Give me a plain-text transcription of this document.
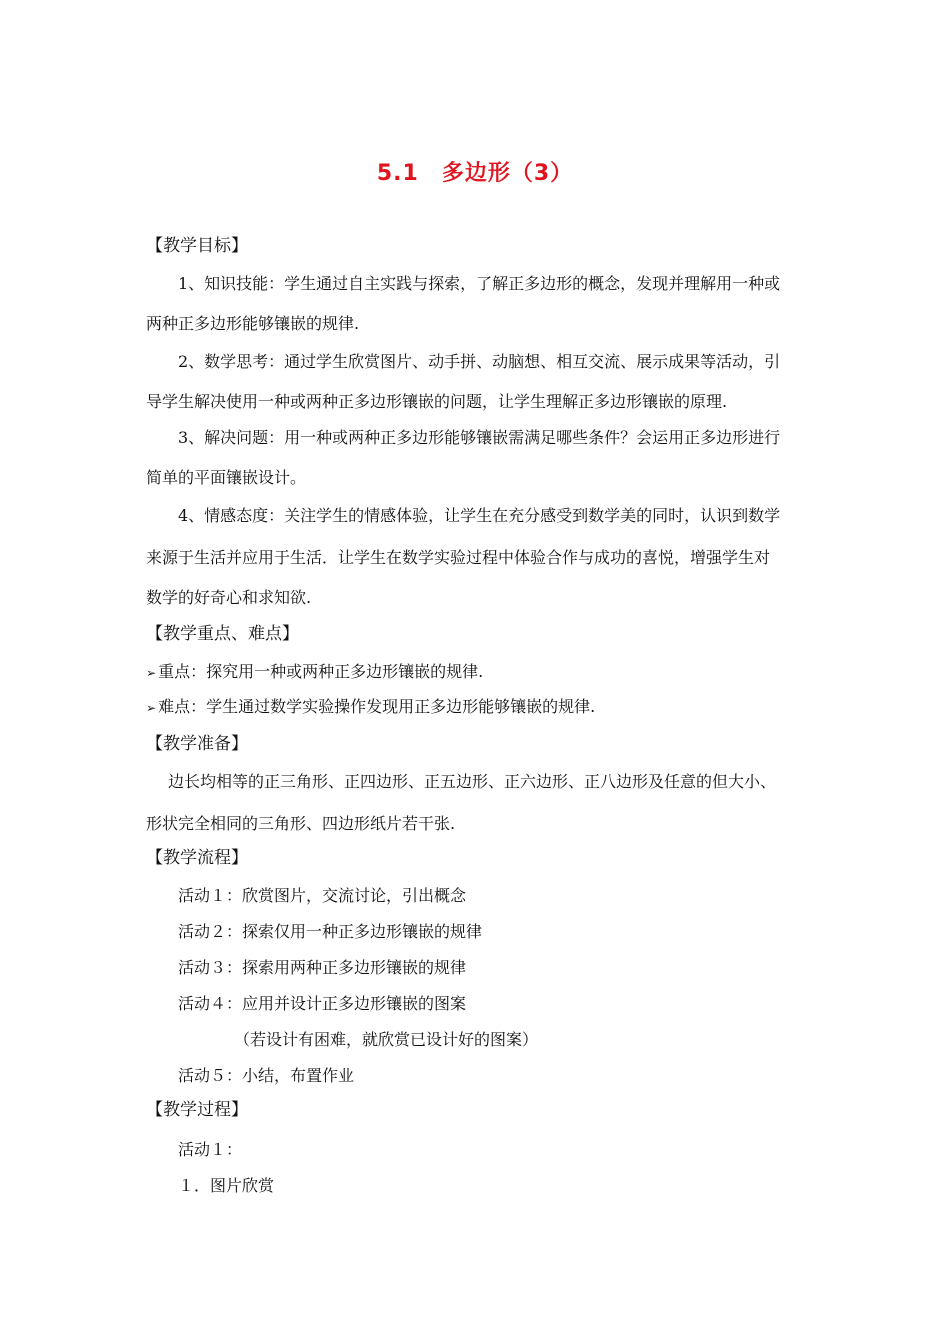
5.1　多边形（3）
【教学目标】
1、知识技能：学生通过自主实践与探索，了解正多边形的概念，发现并理解用一种或
两种正多边形能够镶嵌的规律.
2、数学思考：通过学生欣赏图片、动手拼、动脑想、相互交流、展示成果等活动，引
导学生解决使用一种或两种正多边形镶嵌的问题，让学生理解正多边形镶嵌的原理.
3、解决问题：用一种或两种正多边形能够镶嵌需满足哪些条件？会运用正多边形进行
简单的平面镶嵌设计。
4、情感态度：关注学生的情感体验，让学生在充分感受到数学美的同时，认识到数学
来源于生活并应用于生活．让学生在数学实验过程中体验合作与成功的喜悦，增强学生对
数学的好奇心和求知欲.
【教学重点、难点】
➢ 重点：探究用一种或两种正多边形镶嵌的规律.
➢ 难点：学生通过数学实验操作发现用正多边形能够镶嵌的规律.
【教学准备】
边长均相等的正三角形、正四边形、正五边形、正六边形、正八边形及任意的但大小、
形状完全相同的三角形、四边形纸片若干张.
【教学流程】
活动１：欣赏图片，交流讨论，引出概念
活动２：探索仅用一种正多边形镶嵌的规律
活动３：探索用两种正多边形镶嵌的规律
活动４：应用并设计正多边形镶嵌的图案
（若设计有困难，就欣赏已设计好的图案）
活动５：小结，布置作业
【教学过程】
活动１：
１．图片欣赏
